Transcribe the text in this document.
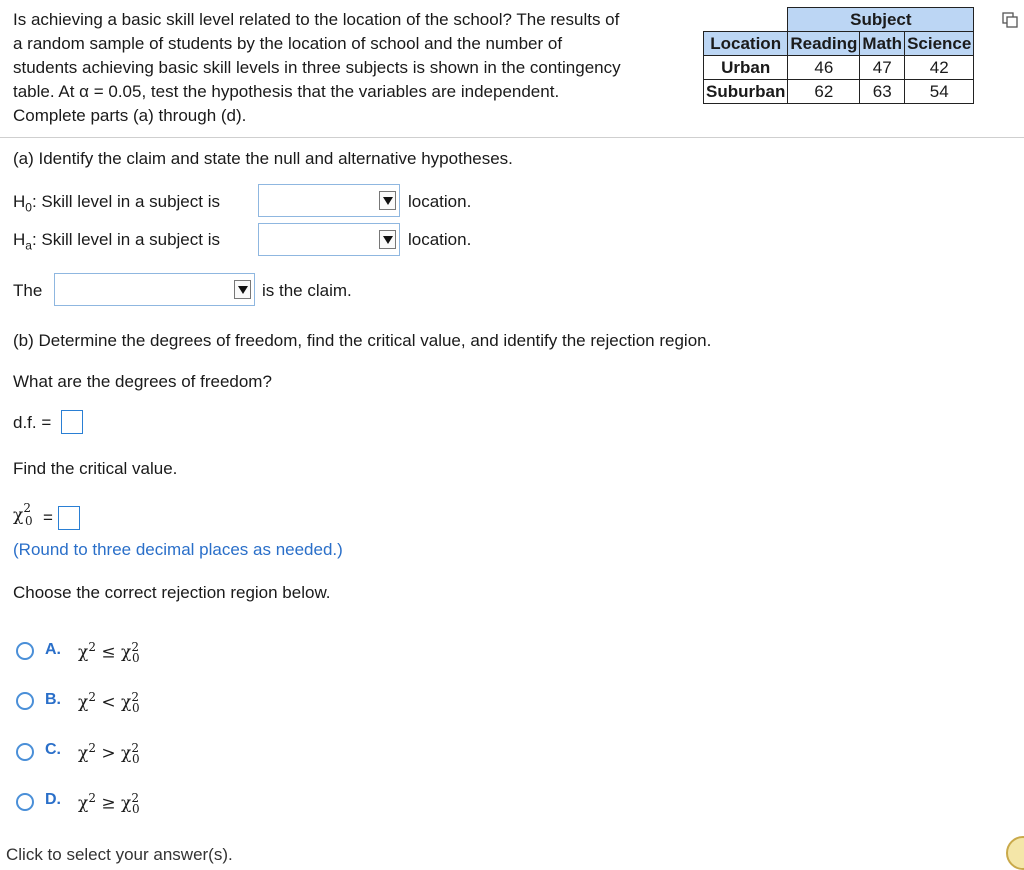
Is achieving a basic skill level related to the location of the school? The results of
a random sample of students by the location of school and the number of
students achieving basic skill levels in three subjects is shown in the contingency
table. At α = 0.05, test the hypothesis that the variables are independent.
Complete parts (a) through (d).
	Subject		
Location	Reading	Math	Science
Urban	46	47	42
Suburban	62	63	54
(a) Identify the claim and state the null and alternative hypotheses.
$H_0$: Skill level in a subject is	location.
$H_a$: Skill level in a subject is	location.
The	is the claim.
(b) Determine the degrees of freedom, find the critical value, and identify the rejection region.
What are the degrees of freedom?
d.f. =
Find the critical value.
$\chi^2_0$ =
(Round to three decimal places as needed.)
Choose the correct rejection region below.
A. $\chi^2 \le \chi^2_0$
B. $\chi^2 < \chi^2_0$
C. $\chi^2 > \chi^2_0$
D. $\chi^2 \ge \chi^2_0$
Click to select your answer(s).
